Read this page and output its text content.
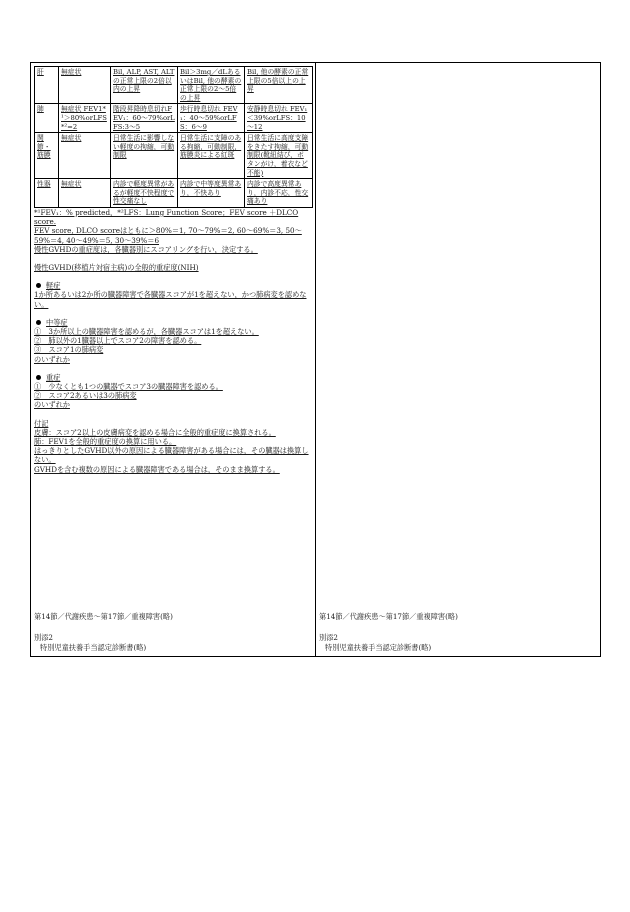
肝	無症状	Bil, ALP, AST, ALTの正常上限の2倍以内の上昇	Bil＞3mg／dLあるいはBil, 他の酵素の正常上限の2～5倍の上昇	Bil, 他の酵素の正常上限の5倍以上の上昇
肺	無症状 FEV1*¹＞80%orLFS*²=2	階段昇降時息切れFEV₁：60～79%orLFS:3～5	歩行時息切れ FEV₁：40～59%orLFS：6～9	安静時息切れ FEV₁＜39%orLFS：10～12
関節・筋膜	無症状	日常生活に影響しない軽度の拘縮，可動制限	日常生活に支障のある拘縮，可動制限，筋膜炎による紅斑	日常生活に高度支障をきたす拘縮，可動制限(靴紐結び，ボタンがけ，着衣など不能)
性器	無症状	内診で軽度異常があるが軽度不快程度で性交痛なし	内診で中等度異常あり，不快あり	内診で高度異常あり，内診不応，性交痛あり

*¹FEV₁：% predicted，*²LFS：Lung Function Score；FEV score ＋DLCO score.

FEV score, DLCO scoreはともに＞80%＝1, 70～79%＝2, 60～69%＝3, 50～59%＝4, 40～49%＝5, 30～39%＝6

慢性GVHDの重症度は，各臓器別にスコアリングを行い，決定する。

慢性GVHD(移植片対宿主病)の全般的重症度(NIH)

軽症

1か所あるいは2か所の臓器障害で各臓器スコアが1を超えない，かつ肺病変を認めない。

中等症

①　3か所以上の臓器障害を認めるが，各臓器スコアは1を超えない。

②　肺以外の1臓器以上でスコア2の障害を認める。

③　スコア1の肺病変

のいずれか

重症

①　少なくとも1つの臓器でスコア3の臓器障害を認める。

②　スコア2あるいは3の肺病変

のいずれか

付記

皮膚：スコア2以上の皮膚病変を認める場合に全般的重症度に換算される。

肺：FEV1を全般的重症度の換算に用いる。

はっきりとしたGVHD以外の原因による臓器障害がある場合には，その臓器は換算しない。

GVHDを含む複数の原因による臓器障害である場合は，そのまま換算する。

第14節／代謝疾患～第17節／重複障害(略)
別添2
特別児童扶養手当認定診断書(略)
第14節／代謝疾患～第17節／重複障害(略)
別添2
特別児童扶養手当認定診断書(略)
